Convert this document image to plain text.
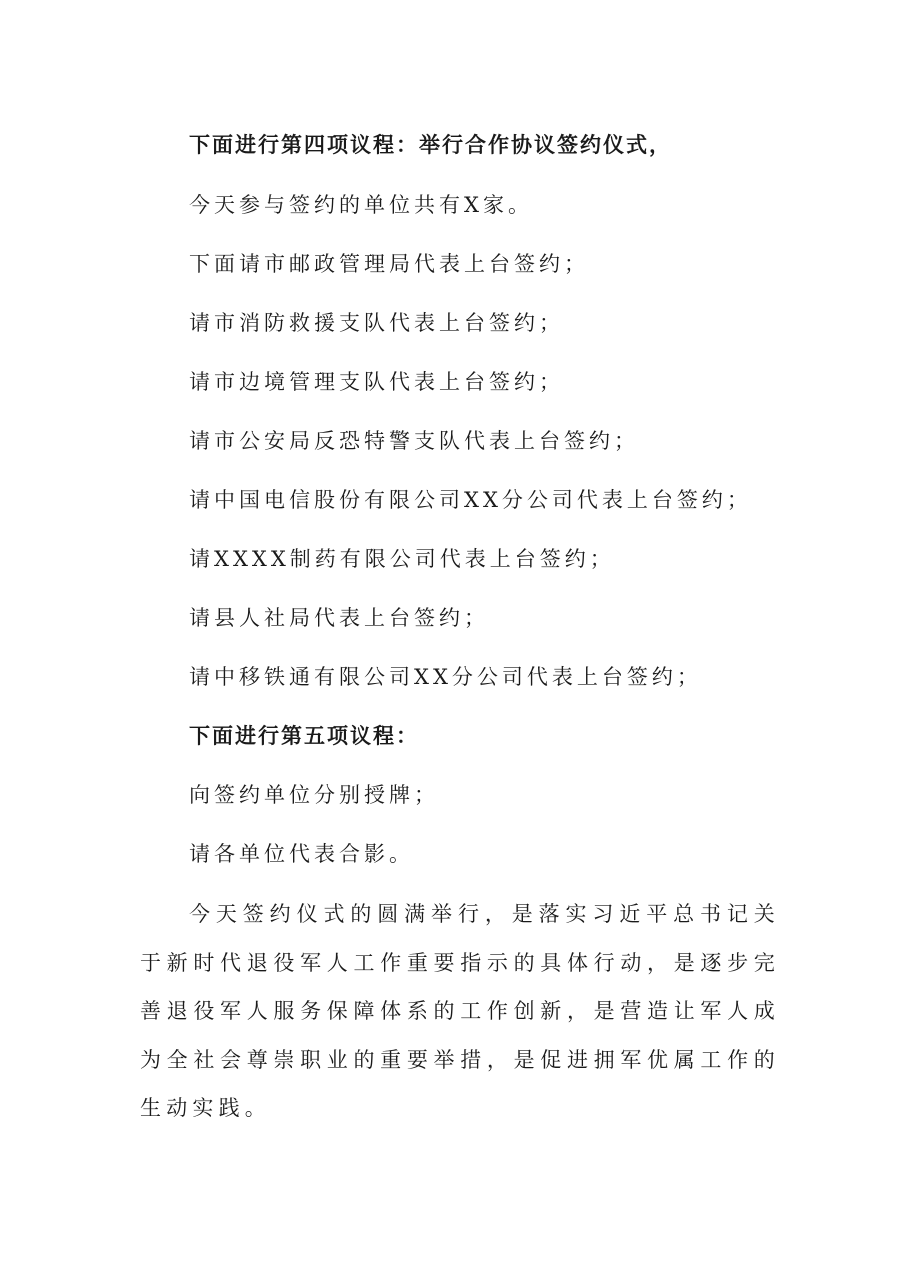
下面进行第四项议程：举行合作协议签约仪式，
今天参与签约的单位共有X家。
下面请市邮政管理局代表上台签约；
请市消防救援支队代表上台签约；
请市边境管理支队代表上台签约；
请市公安局反恐特警支队代表上台签约；
请中国电信股份有限公司XX分公司代表上台签约；
请XXXX制药有限公司代表上台签约；
请县人社局代表上台签约；
请中移铁通有限公司XX分公司代表上台签约；
下面进行第五项议程：
向签约单位分别授牌；
请各单位代表合影。
今天签约仪式的圆满举行，是落实习近平总书记关于新时代退役军人工作重要指示的具体行动，是逐步完善退役军人服务保障体系的工作创新，是营造让军人成为全社会尊崇职业的重要举措，是促进拥军优属工作的生动实践。
